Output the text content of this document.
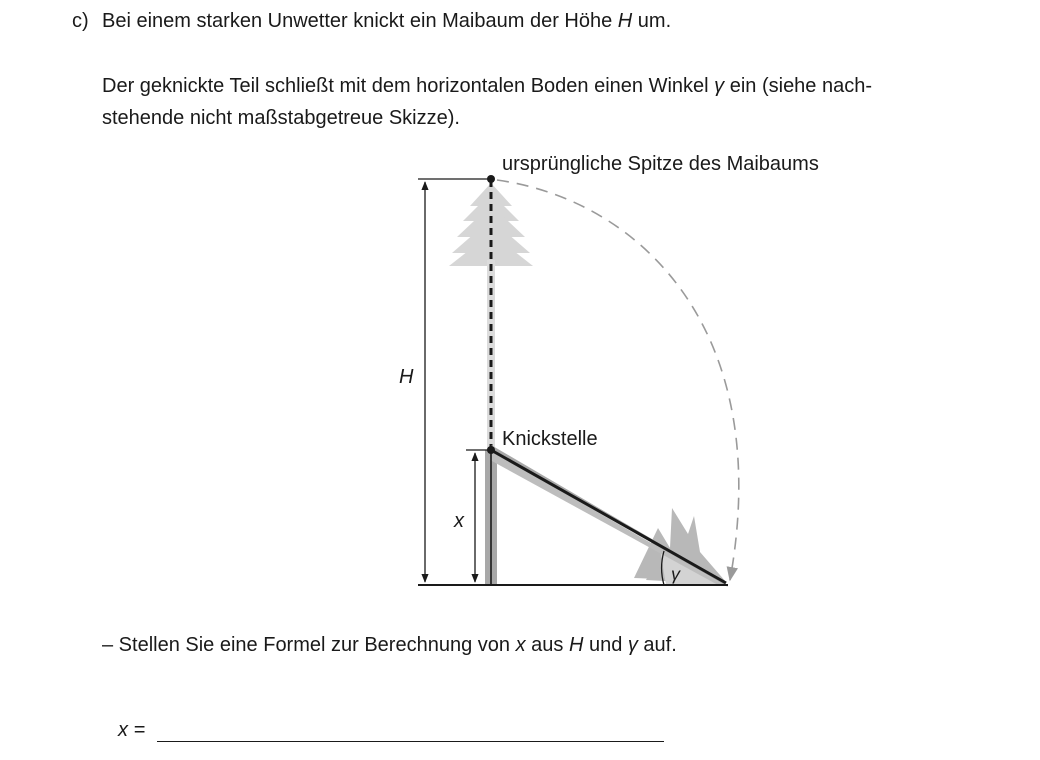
c) Bei einem starken Unwetter knickt ein Maibaum der Höhe H um.
Der geknickte Teil schließt mit dem horizontalen Boden einen Winkel γ ein (siehe nach-
stehende nicht maßstabgetreue Skizze).
ursprüngliche Spitze des Maibaums
Knickstelle
H
x
γ
– Stellen Sie eine Formel zur Berechnung von x aus H und γ auf.
x =
